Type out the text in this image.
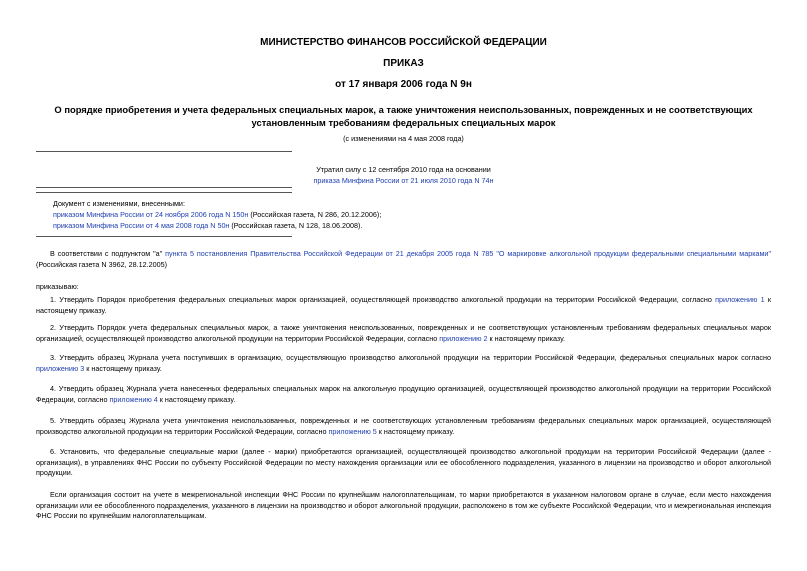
МИНИСТЕРСТВО ФИНАНСОВ РОССИЙСКОЙ ФЕДЕРАЦИИ
ПРИКАЗ
от 17 января 2006 года N 9н
О порядке приобретения и учета федеральных специальных марок, а также уничтожения неиспользованных, поврежденных и не соответствующих
установленным требованиям федеральных специальных марок
(с изменениями на 4 мая 2008 года)
Утратил силу с 12 сентября 2010 года на основании
приказа Минфина России от 21 июля 2010 года N 74н
Документ с изменениями, внесенными:
приказом Минфина России от 24 ноября 2006 года N 150н (Российская газета, N 286, 20.12.2006);
приказом Минфина России от 4 мая 2008 года N 50н (Российская газета, N 128, 18.06.2008).
В соответствии с подпунктом "а" пункта 5 постановления Правительства Российской Федерации от 21 декабря 2005 года N 785 "О маркировке алкогольной продукции федеральными специальными марками" (Российская газета N 3962, 28.12.2005)
приказываю:
1. Утвердить Порядок приобретения федеральных специальных марок организацией, осуществляющей производство алкогольной продукции на территории Российской Федерации, согласно приложению 1 к настоящему приказу.
2. Утвердить Порядок учета федеральных специальных марок, а также уничтожения неиспользованных, поврежденных и не соответствующих установленным требованиям федеральных специальных марок организацией, осуществляющей производство алкогольной продукции на территории Российской Федерации, согласно приложению 2 к настоящему приказу.
3. Утвердить образец Журнала учета поступивших в организацию, осуществляющую производство алкогольной продукции на территории Российской Федерации, федеральных специальных марок согласно приложению 3 к настоящему приказу.
4. Утвердить образец Журнала учета нанесенных федеральных специальных марок на алкогольную продукцию организацией, осуществляющей производство алкогольной продукции на территории Российской Федерации, согласно приложению 4 к настоящему приказу.
5. Утвердить образец Журнала учета уничтожения неиспользованных, поврежденных и не соответствующих установленным требованиям федеральных специальных марок организацией, осуществляющей производство алкогольной продукции на территории Российской Федерации, согласно приложению 5 к настоящему приказу.
6. Установить, что федеральные специальные марки (далее - марки) приобретаются организацией, осуществляющей производство алкогольной продукции на территории Российской Федерации (далее - организация), в управлениях ФНС России по субъекту Российской Федерации по месту нахождения организации или ее обособленного подразделения, указанного в лицензии на производство и оборот алкогольной продукции.
Если организация состоит на учете в межрегиональной инспекции ФНС России по крупнейшим налогоплательщикам, то марки приобретаются в указанном налоговом органе в случае, если место нахождения организации или ее обособленного подразделения, указанного в лицензии на производство и оборот алкогольной продукции, расположено в том же субъекте Российской Федерации, что и межрегиональная инспекция ФНС России по крупнейшим налогоплательщикам.
